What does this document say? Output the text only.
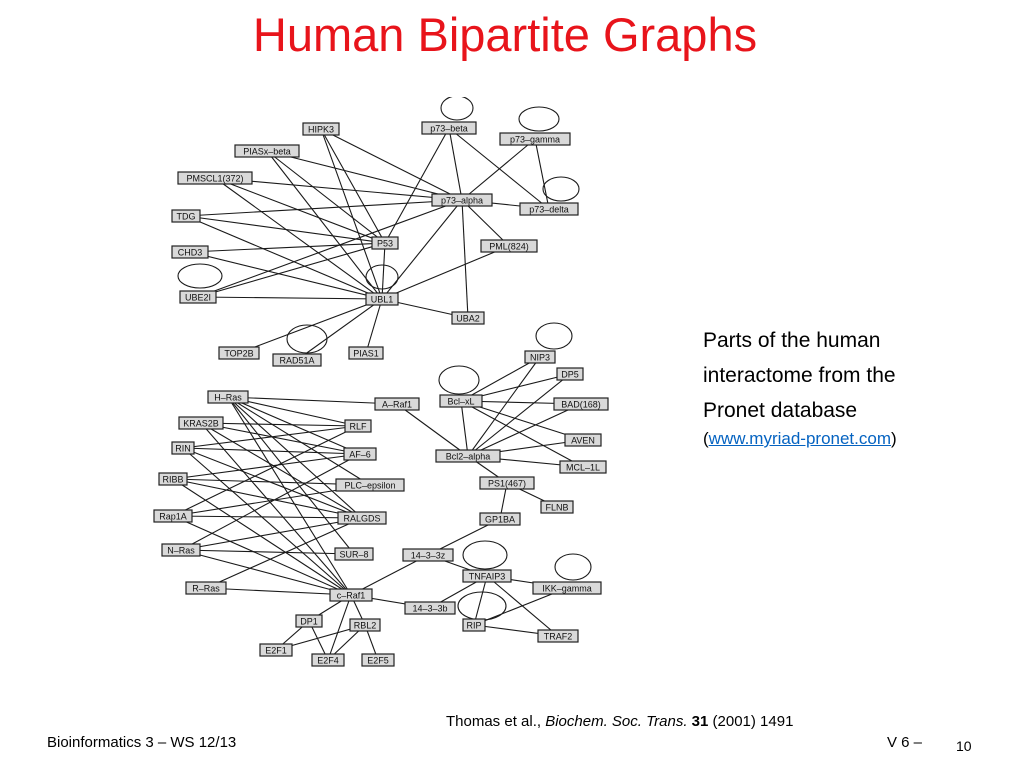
Human Bipartite Graphs
HIPK3	p73–beta
p73–gamma
PIASx–beta
PMSCL1(372)
p73–alpha
p73–delta
TDG
P53	PML(824)
CHD3
UBE2I	UBL1
UBA2
TOP2B
RAD51A
PIAS1	NIP3
DP5
H–Ras
A–Raf1	Bcl–xL	BAD(168)
KRAS2B	RLF
AVEN
RIN
AF–6	Bcl2–alpha
MCL–1L
RIBB
PLC–epsilon	PS1(467)
FLNB
Rap1A	RALGDS	GP1BA
N–Ras	SUR–8	14–3–3z
TNFAIP3
R–Ras	IKK–gamma
c–Raf1
14–3–3b
DP1	RIP
RBL2
TRAF2
E2F1
E2F4	E2F5
Parts of the human
interactome from the
Pronet database
(www.myriad-pronet.com)
Thomas et al., Biochem. Soc. Trans. 31 (2001) 1491
Bioinformatics 3 – WS 12/13	V 6 – 10
